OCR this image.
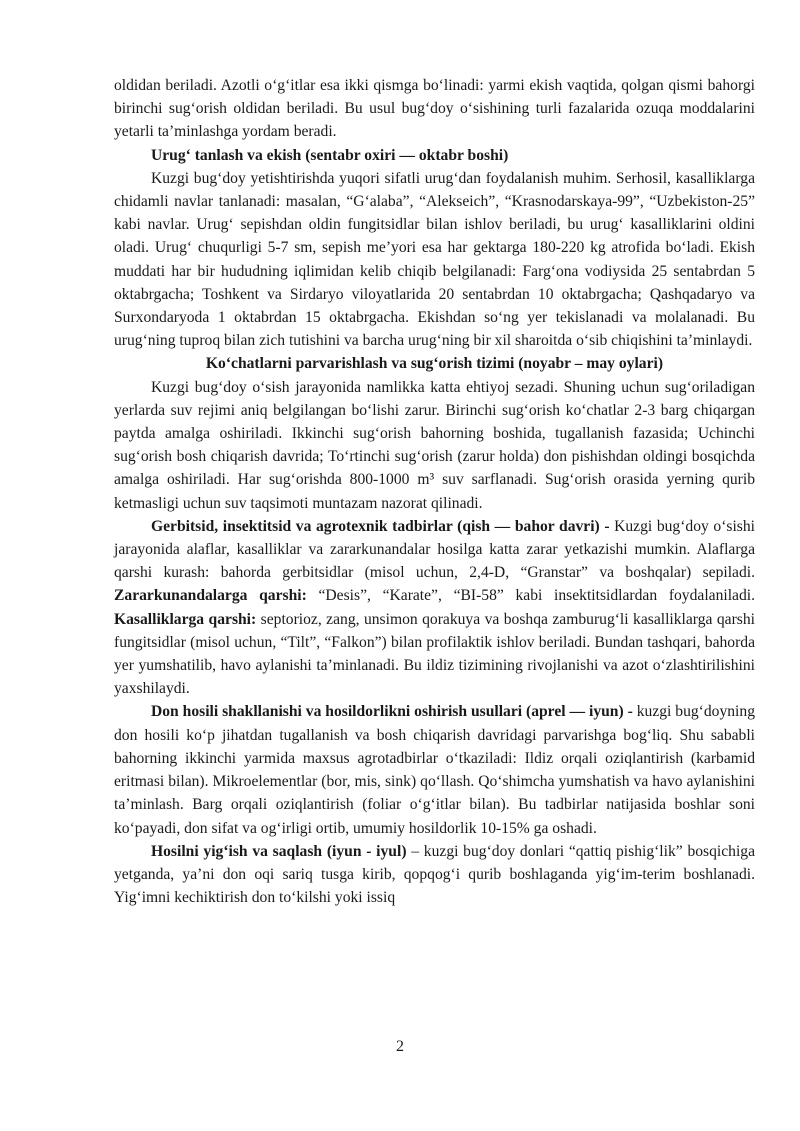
oldidan beriladi. Azotli o‘g‘itlar esa ikki qismga bo‘linadi: yarmi ekish vaqtida, qolgan qismi bahorgi birinchi sug‘orish oldidan beriladi. Bu usul bug‘doy o‘sishining turli fazalarida ozuqa moddalarini yetarli ta’minlashga yordam beradi.

Urug‘ tanlash va ekish (sentabr oxiri — oktabr boshi)

Kuzgi bug‘doy yetishtirishda yuqori sifatli urug‘dan foydalanish muhim. Serhosil, kasalliklarga chidamli navlar tanlanadi: masalan, “G‘alaba”, “Alekseich”, “Krasnodarskaya-99”, “Uzbekiston-25” kabi navlar. Urug‘ sepishdan oldin fungitsidlar bilan ishlov beriladi, bu urug‘ kasalliklarini oldini oladi. Urug‘ chuqurligi 5-7 sm, sepish me’yori esa har gektarga 180-220 kg atrofida bo‘ladi. Ekish muddati har bir hududning iqlimidan kelib chiqib belgilanadi: Farg‘ona vodiysida 25 sentabrdan 5 oktabrgacha; Toshkent va Sirdaryo viloyatlarida 20 sentabrdan 10 oktabrgacha; Qashqadaryo va Surxondaryoda 1 oktabrdan 15 oktabrgacha. Ekishdan so‘ng yer tekislanadi va molalanadi. Bu urug‘ning tuproq bilan zich tutishini va barcha urug‘ning bir xil sharoitda o‘sib chiqishini ta’minlaydi.

Ko‘chatlarni parvarishlash va sug‘orish tizimi (noyabr – may oylari)

Kuzgi bug‘doy o‘sish jarayonida namlikka katta ehtiyoj sezadi. Shuning uchun sug‘oriladigan yerlarda suv rejimi aniq belgilangan bo‘lishi zarur. Birinchi sug‘orish ko‘chatlar 2-3 barg chiqargan paytda amalga oshiriladi. Ikkinchi sug‘orish bahorning boshida, tugallanish fazasida; Uchinchi sug‘orish bosh chiqarish davrida; To‘rtinchi sug‘orish (zarur holda) don pishishdan oldingi bosqichda amalga oshiriladi. Har sug‘orishda 800-1000 m³ suv sarflanadi. Sug‘orish orasida yerning qurib ketmasligi uchun suv taqsimoti muntazam nazorat qilinadi.

Gerbitsid, insektitsid va agrotexnik tadbirlar (qish — bahor davri) - Kuzgi bug‘doy o‘sishi jarayonida alaflar, kasalliklar va zararkunandalar hosilga katta zarar yetkazishi mumkin. Alaflarga qarshi kurash: bahorda gerbitsidlar (misol uchun, 2,4-D, “Granstar” va boshqalar) sepiladi. Zararkunandalarga qarshi: “Desis”, “Karate”, “BI-58” kabi insektitsidlardan foydalaniladi. Kasalliklarga qarshi: septorioz, zang, unsimon qorakuya va boshqa zamburug‘li kasalliklarga qarshi fungitsidlar (misol uchun, “Tilt”, “Falkon”) bilan profilaktik ishlov beriladi. Bundan tashqari, bahorda yer yumshatilib, havo aylanishi ta’minlanadi. Bu ildiz tizimining rivojlanishi va azot o‘zlashtirilishini yaxshilaydi.

Don hosili shakllanishi va hosildorlikni oshirish usullari (aprel — iyun) - kuzgi bug‘doyning don hosili ko‘p jihatdan tugallanish va bosh chiqarish davridagi parvarishga bog‘liq. Shu sababli bahorning ikkinchi yarmida maxsus agrotadbirlar o‘tkaziladi: Ildiz orqali oziqlantirish (karbamid eritmasi bilan). Mikroelementlar (bor, mis, sink) qo‘llash. Qo‘shimcha yumshatish va havo aylanishini ta’minlash. Barg orqali oziqlantirish (foliar o‘g‘itlar bilan). Bu tadbirlar natijasida boshlar soni ko‘payadi, don sifat va og‘irligi ortib, umumiy hosildorlik 10-15% ga oshadi.

Hosilni yig‘ish va saqlash (iyun - iyul) – kuzgi bug‘doy donlari “qattiq pishig‘lik” bosqichiga yetganda, ya’ni don oqi sariq tusga kirib, qopqog‘i qurib boshlaganda yig‘im-terim boshlanadi. Yig‘imni kechiktirish don to‘kilshi yoki issiq

2
